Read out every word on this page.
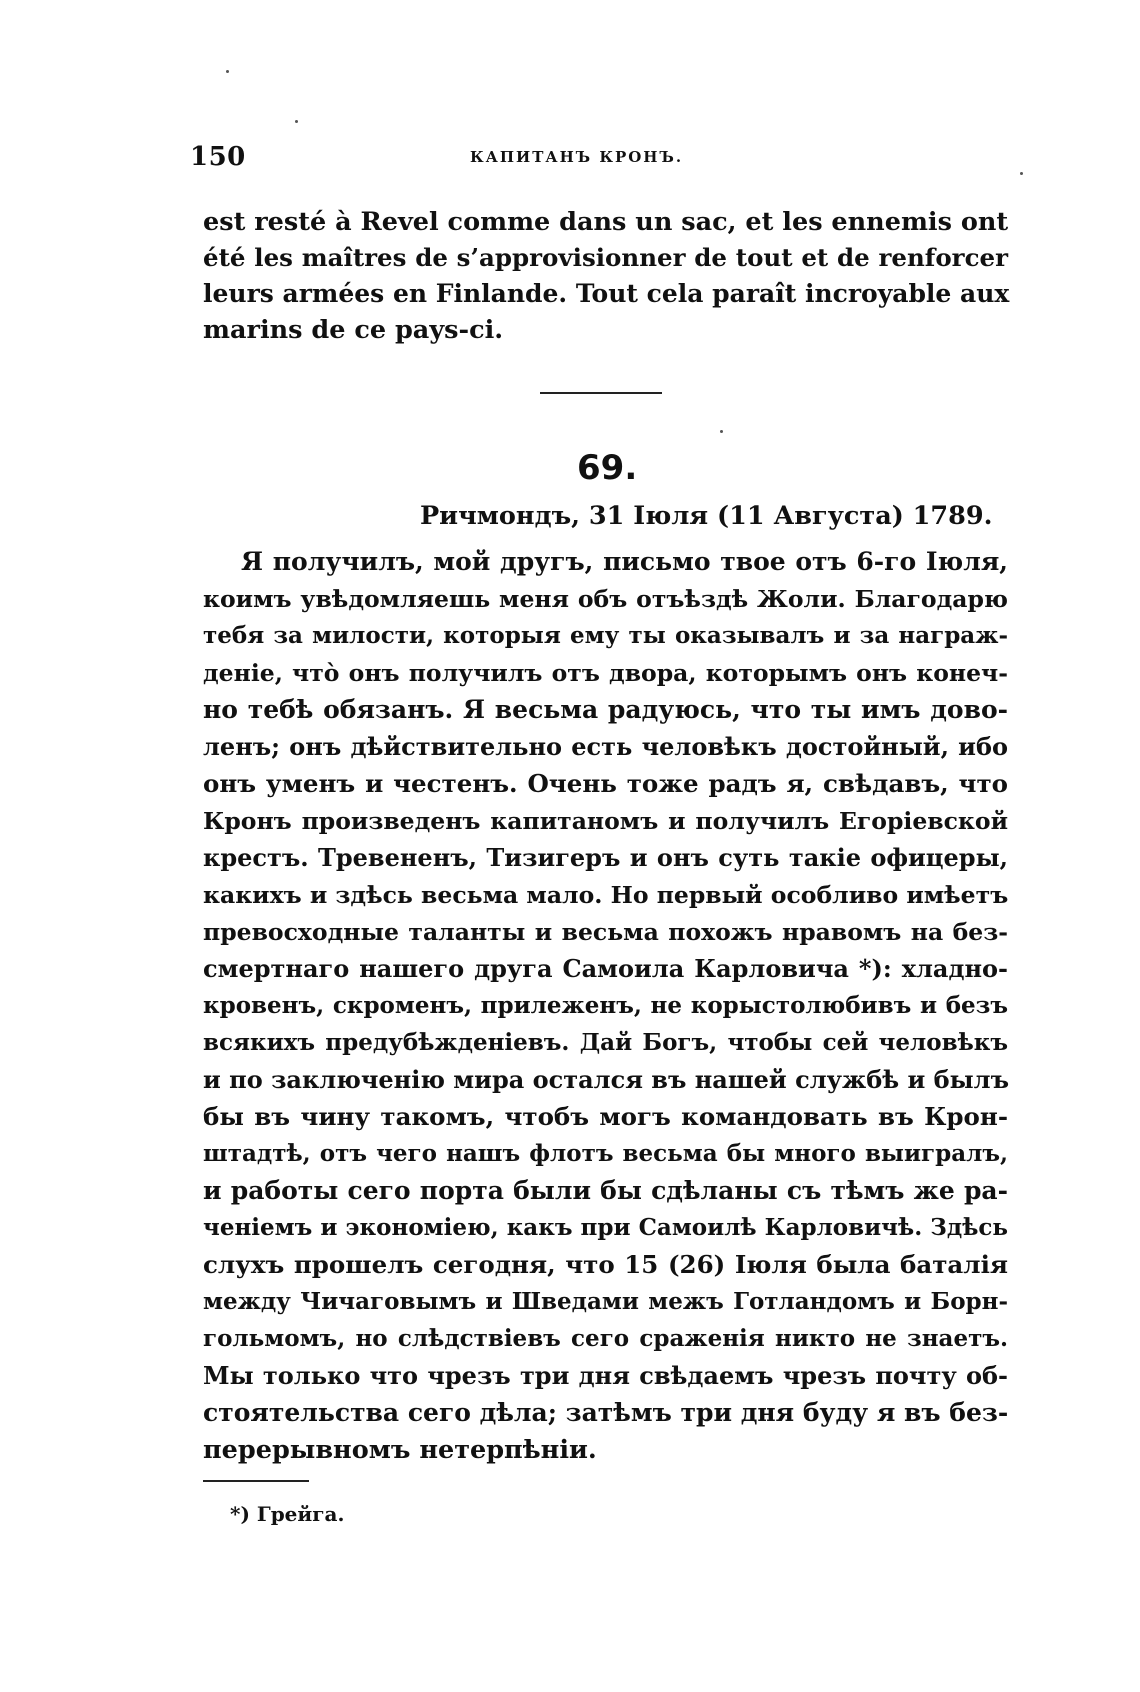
150	КАПИТАНЪ КРОНЪ.
est resté à Revel comme dans un sac, et les ennemis ont
été les maîtres de s’approvisionner de tout et de renforcer
leurs armées en Finlande. Tout cela paraît incroyable aux
marins de ce pays-ci.
69.
Ричмондъ, 31 Іюля (11 Августа) 1789.
Я получилъ, мой другъ, письмо твое отъ 6-го Іюля,
коимъ увѣдомляешь меня объ отъѣздѣ Жоли. Благодарю
тебя за милости, которыя ему ты оказывалъ и за награж-
деніе, что̀ онъ получилъ отъ двора, которымъ онъ конеч-
но тебѣ обязанъ. Я весьма радуюсь, что ты имъ дово-
ленъ; онъ дѣйствительно есть человѣкъ достойный, ибо
онъ уменъ и честенъ. Очень тоже радъ я, свѣдавъ, что
Кронъ произведенъ капитаномъ и получилъ Егоріевской
крестъ. Тревененъ, Тизигеръ и онъ суть такіе офицеры,
какихъ и здѣсь весьма мало. Но первый особливо имѣетъ
превосходные таланты и весьма похожъ нравомъ на без-
смертнаго нашего друга Самоила Карловича *): хладно-
кровенъ, скроменъ, прилеженъ, не корыстолюбивъ и безъ
всякихъ предубѣжденіевъ. Дай Богъ, чтобы сей человѣкъ
и по заключенію мира остался въ нашей службѣ и былъ
бы въ чину такомъ, чтобъ могъ командовать въ Крон-
штадтѣ, отъ чего нашъ флотъ весьма бы много выигралъ,
и работы сего порта были бы сдѣланы съ тѣмъ же ра-
ченіемъ и экономіею, какъ при Самоилѣ Карловичѣ. Здѣсь
слухъ прошелъ сегодня, что 15 (26) Іюля была баталія
между Чичаговымъ и Шведами межъ Готландомъ и Борн-
гольмомъ, но слѣдствіевъ сего сраженія никто не знаетъ.
Мы только что чрезъ три дня свѣдаемъ чрезъ почту об-
стоятельства сего дѣла; затѣмъ три дня буду я въ без-
перерывномъ нетерпѣніи.
*) Грейга.
